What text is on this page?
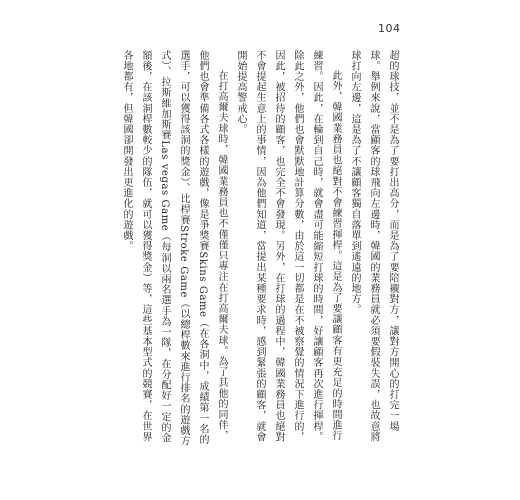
104

超的球技，並不是為了要打出高分，而是為了要陪襯對方，讓對方開心的打完一場球。舉例來說，當顧客的球飛向左邊時，韓國的業務員就必須要假裝失誤，也故意將球打向左邊，這是為了不讓顧客獨自落單到遙遠的地方。

此外，韓國業務員也絕對不會練習揮桿。這是為了要讓顧客有更充足的時間進行練習。因此，在輪到自己時，就會盡可能縮短打球的時間，好讓顧客再次進行揮桿。除此之外，他們也會默默地計算分數，由於這一切都是在不被察覺的情況下進行的，因此，被招待的顧客，也完全不會發現。另外，在打球的過程中，韓國業務員也絕對不會提起生意上的事情，因為他們知道，當提出某種要求時，感到緊張的顧客，就會開始提高警戒心。

在打高爾夫球時，韓國業務員也不僅僅只專注在打高爾夫球。為了其他的同伴，他們也會準備各式各樣的遊戲，像是爭獎賽Skins Game（在各洞中，成績第一名的選手，可以獲得該洞的獎金）、比桿賽Stroke Game（以總桿數來進行排名的遊戲方式）、拉斯維加斯賽Las vegas Game（每洞以兩名選手為一隊，在分配好一定的金額後，在該洞桿數較少的隊伍，就可以獲得獎金）等，這些基本型式的競賽，在世界各地都有，但韓國卻開發出更進化的遊戲。
